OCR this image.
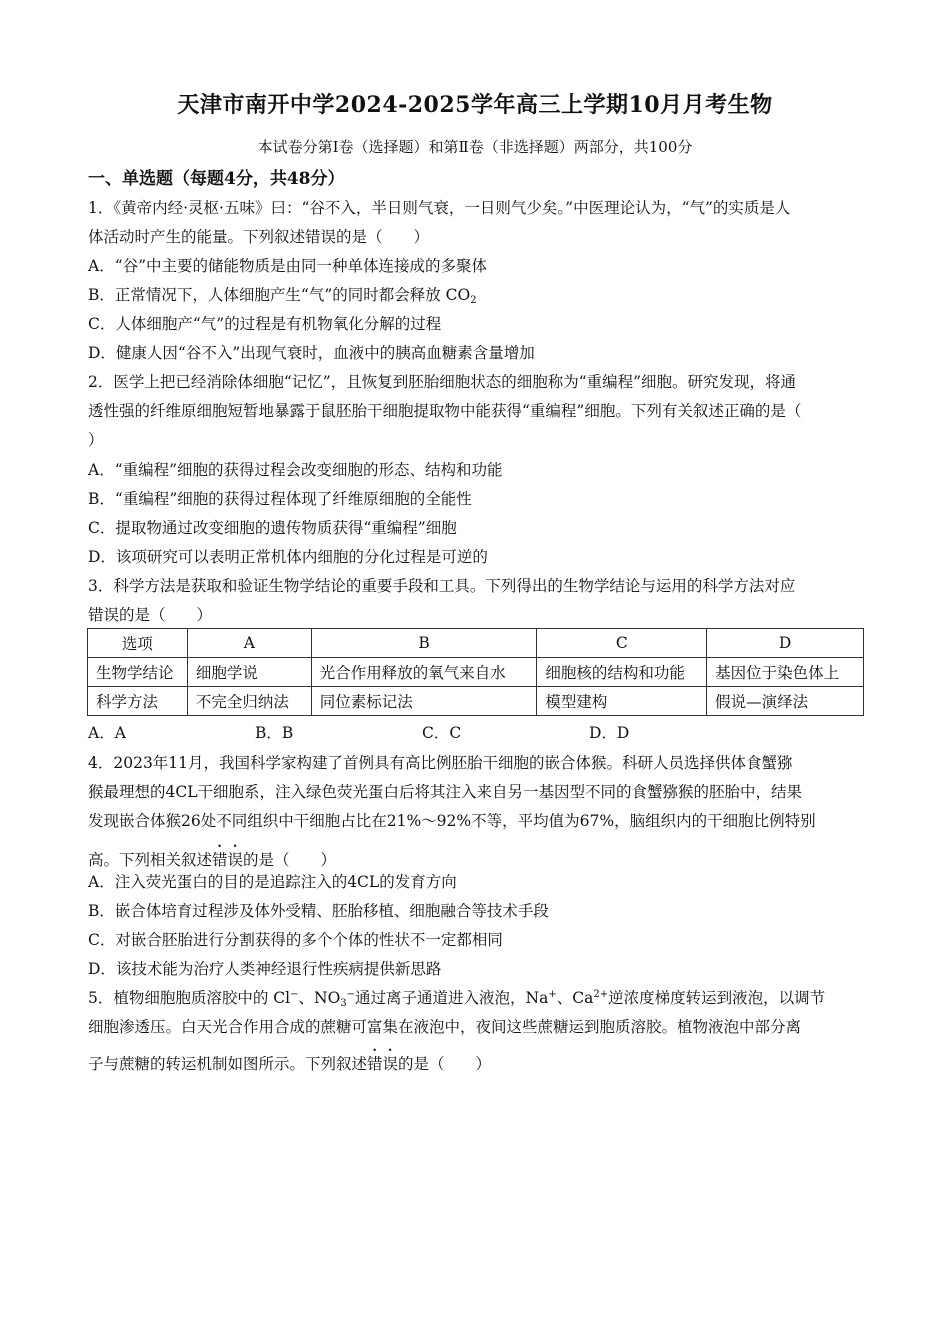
天津市南开中学2024-2025学年高三上学期10月月考生物
本试卷分第Ⅰ卷（选择题）和第Ⅱ卷（非选择题）两部分，共100分
一、单选题（每题4分，共48分）
1．《黄帝内经·灵枢·五味》曰：“谷不入，半日则气衰，一日则气少矣。”中医理论认为，“气”的实质是人
体活动时产生的能量。下列叙述错误的是（　　）
A．“谷”中主要的储能物质是由同一种单体连接成的多聚体
B．正常情况下，人体细胞产生“气”的同时都会释放 $CO_2$
C．人体细胞产“气”的过程是有机物氧化分解的过程
D．健康人因“谷不入”出现气衰时，血液中的胰高血糖素含量增加
2．医学上把已经消除体细胞“记忆”，且恢复到胚胎细胞状态的细胞称为“重编程”细胞。研究发现，将通
透性强的纤维原细胞短暂地暴露于鼠胚胎干细胞提取物中能获得“重编程”细胞。下列有关叙述正确的是（
）
A．“重编程”细胞的获得过程会改变细胞的形态、结构和功能
B．“重编程”细胞的获得过程体现了纤维原细胞的全能性
C．提取物通过改变细胞的遗传物质获得“重编程”细胞
D．该项研究可以表明正常机体内细胞的分化过程是可逆的
3．科学方法是获取和验证生物学结论的重要手段和工具。下列得出的生物学结论与运用的科学方法对应
错误的是（　　）
选项	A	B	C	D
生物学结论	细胞学说	光合作用释放的氧气来自水	细胞核的结构和功能	基因位于染色体上
科学方法	不完全归纳法	同位素标记法	模型建构	假说—演绎法
A．A	B．B	C．C	D．D
4．2023年11月，我国科学家构建了首例具有高比例胚胎干细胞的嵌合体猴。科研人员选择供体食蟹猕
猴最理想的4CL干细胞系，注入绿色荧光蛋白后将其注入来自另一基因型不同的食蟹猕猴的胚胎中，结果
发现嵌合体猴26处不同组织中干细胞占比在21%～92%不等，平均值为67%，脑组织内的干细胞比例特别
高。下列相关叙述错误的是（　　）
A．注入荧光蛋白的目的是追踪注入的4CL的发育方向
B．嵌合体培育过程涉及体外受精、胚胎移植、细胞融合等技术手段
C．对嵌合胚胎进行分割获得的多个个体的性状不一定都相同
D．该技术能为治疗人类神经退行性疾病提供新思路
5．植物细胞胞质溶胶中的 Cl−、$NO_3^-$通过离子通道进入液泡，Na+、$Ca^{2+}$逆浓度梯度转运到液泡，以调节
细胞渗透压。白天光合作用合成的蔗糖可富集在液泡中，夜间这些蔗糖运到胞质溶胶。植物液泡中部分离
子与蔗糖的转运机制如图所示。下列叙述错误的是（　　）
